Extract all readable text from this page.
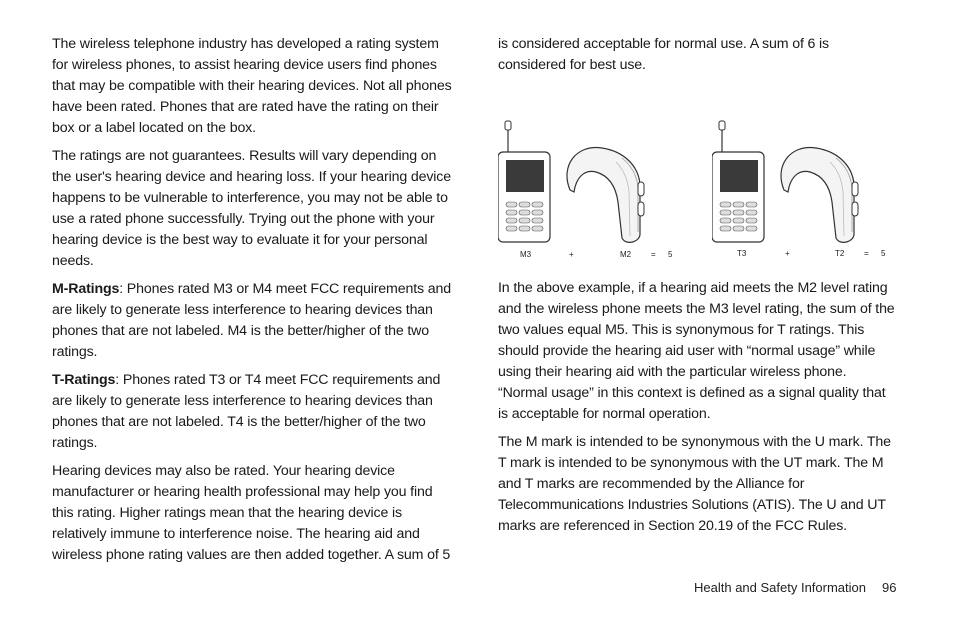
The wireless telephone industry has developed a rating system for wireless phones, to assist hearing device users find phones that may be compatible with their hearing devices. Not all phones have been rated. Phones that are rated have the rating on their box or a label located on the box.

The ratings are not guarantees. Results will vary depending on the user's hearing device and hearing loss. If your hearing device happens to be vulnerable to interference, you may not be able to use a rated phone successfully. Trying out the phone with your hearing device is the best way to evaluate it for your personal needs.

M-Ratings: Phones rated M3 or M4 meet FCC requirements and are likely to generate less interference to hearing devices than phones that are not labeled. M4 is the better/higher of the two ratings.

T-Ratings: Phones rated T3 or T4 meet FCC requirements and are likely to generate less interference to hearing devices than phones that are not labeled. T4 is the better/higher of the two ratings.

Hearing devices may also be rated. Your hearing device manufacturer or hearing health professional may help you find this rating. Higher ratings mean that the hearing device is relatively immune to interference noise. The hearing aid and wireless phone rating values are then added together. A sum of 5

is considered acceptable for normal use. A sum of 6 is considered for best use.

In the above example, if a hearing aid meets the M2 level rating and the wireless phone meets the M3 level rating, the sum of the two values equal M5. This is synonymous for T ratings. This should provide the hearing aid user with “normal usage” while using their hearing aid with the particular wireless phone. “Normal usage” in this context is defined as a signal quality that is acceptable for normal operation.

The M mark is intended to be synonymous with the U mark. The T mark is intended to be synonymous with the UT mark. The M and T marks are recommended by the Alliance for Telecommunications Industries Solutions (ATIS). The U and UT marks are referenced in Section 20.19 of the FCC Rules.

M3	+	M2 = 5	T3	+	T2 = 5
Health and Safety Information 96
